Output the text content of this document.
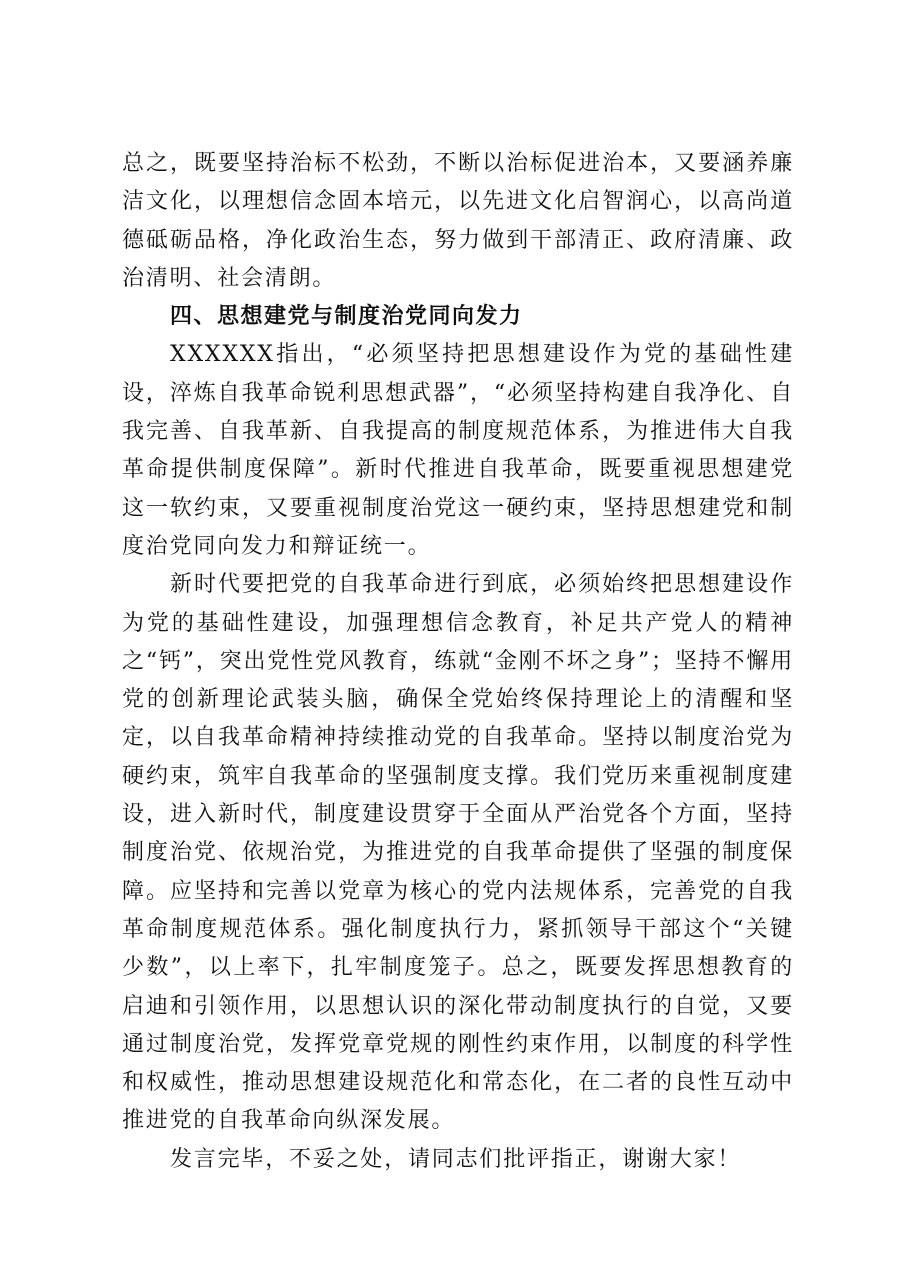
总之，既要坚持治标不松劲，不断以治标促进治本，又要涵养廉洁文化，以理想信念固本培元，以先进文化启智润心，以高尚道德砥砺品格，净化政治生态，努力做到干部清正、政府清廉、政治清明、社会清朗。

四、思想建党与制度治党同向发力

XXXXXX指出，“必须坚持把思想建设作为党的基础性建设，淬炼自我革命锐利思想武器”，“必须坚持构建自我净化、自我完善、自我革新、自我提高的制度规范体系，为推进伟大自我革命提供制度保障”。新时代推进自我革命，既要重视思想建党这一软约束，又要重视制度治党这一硬约束，坚持思想建党和制度治党同向发力和辩证统一。

新时代要把党的自我革命进行到底，必须始终把思想建设作为党的基础性建设，加强理想信念教育，补足共产党人的精神之“钙”，突出党性党风教育，练就“金刚不坏之身”；坚持不懈用党的创新理论武装头脑，确保全党始终保持理论上的清醒和坚定，以自我革命精神持续推动党的自我革命。坚持以制度治党为硬约束，筑牢自我革命的坚强制度支撑。我们党历来重视制度建设，进入新时代，制度建设贯穿于全面从严治党各个方面，坚持制度治党、依规治党，为推进党的自我革命提供了坚强的制度保障。应坚持和完善以党章为核心的党内法规体系，完善党的自我革命制度规范体系。强化制度执行力，紧抓领导干部这个“关键少数”，以上率下，扎牢制度笼子。总之，既要发挥思想教育的启迪和引领作用，以思想认识的深化带动制度执行的自觉，又要通过制度治党，发挥党章党规的刚性约束作用，以制度的科学性和权威性，推动思想建设规范化和常态化，在二者的良性互动中推进党的自我革命向纵深发展。

发言完毕，不妥之处，请同志们批评指正，谢谢大家！
